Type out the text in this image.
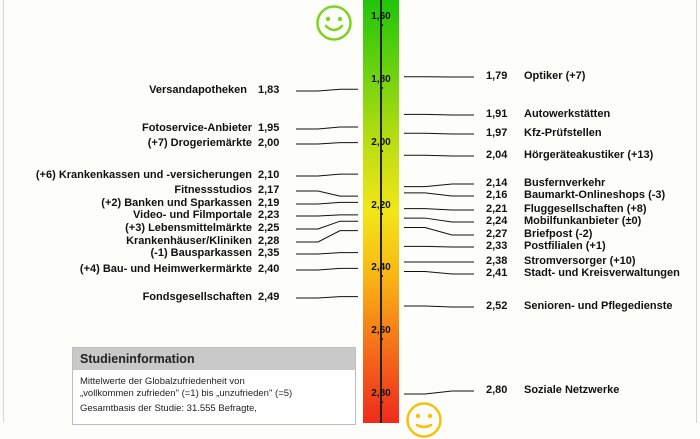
1,60
1,80
2,00
2,20
2,40
2,60
2,80
Versandapotheken 1,83
Fotoservice-Anbieter 1,95
(+7) Drogeriemärkte 2,00
(+6) Krankenkassen und -versicherungen 2,10
Fitnessstudios 2,17
(+2) Banken und Sparkassen 2,19
Video- und Filmportale 2,23
(+3) Lebensmittelmärkte 2,25
Krankenhäuser/Kliniken 2,28
(-1) Bausparkassen 2,35
(+4) Bau- und Heimwerkermärkte 2,40
Fondsgesellschaften 2,49
1,79 Optiker (+7)
1,91 Autowerkstätten
1,97 Kfz-Prüfstellen
2,04 Hörgeräteakustiker (+13)
2,14 Busfernverkehr
2,16 Baumarkt-Onlineshops (-3)
2,21 Fluggesellschaften (+8)
2,24 Mobilfunkanbieter (±0)
2,27 Briefpost (-2)
2,33 Postfilialen (+1)
2,38 Stromversorger (+10)
2,41 Stadt- und Kreisverwaltungen
2,52 Senioren- und Pflegedienste
2,80 Soziale Netzwerke
Studieninformation
Mittelwerte der Globalzufriedenheit von
„vollkommen zufrieden" (=1) bis „unzufrieden" (=5)
Gesamtbasis der Studie: 31.555 Befragte,
